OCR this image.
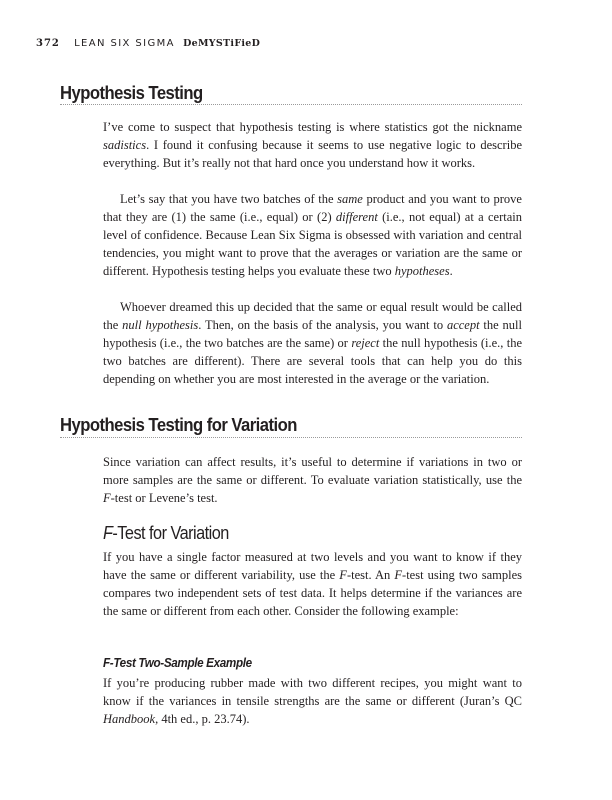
372 LEAN SIX SIGMA DeMYSTiFieD
Hypothesis Testing

I’ve come to suspect that hypothesis testing is where statistics got the nickname sadistics. I found it confusing because it seems to use negative logic to describe everything. But it’s really not that hard once you understand how it works.

Let’s say that you have two batches of the same product and you want to prove that they are (1) the same (i.e., equal) or (2) different (i.e., not equal) at a certain level of confidence. Because Lean Six Sigma is obsessed with variation and central tendencies, you might want to prove that the averages or variation are the same or different. Hypothesis testing helps you evaluate these two hypotheses.

Whoever dreamed this up decided that the same or equal result would be called the null hypothesis. Then, on the basis of the analysis, you want to accept the null hypothesis (i.e., the two batches are the same) or reject the null hypothesis (i.e., the two batches are different). There are several tools that can help you do this depending on whether you are most interested in the average or the variation.

Hypothesis Testing for Variation

Since variation can affect results, it’s useful to determine if variations in two or more samples are the same or different. To evaluate variation statistically, use the F-test or Levene’s test.

F-Test for Variation

If you have a single factor measured at two levels and you want to know if they have the same or different variability, use the F-test. An F-test using two samples compares two independent sets of test data. It helps determine if the variances are the same or different from each other. Consider the following example:

F-Test Two-Sample Example

If you’re producing rubber made with two different recipes, you might want to know if the variances in tensile strengths are the same or different (Juran’s QC Handbook, 4th ed., p. 23.74).
